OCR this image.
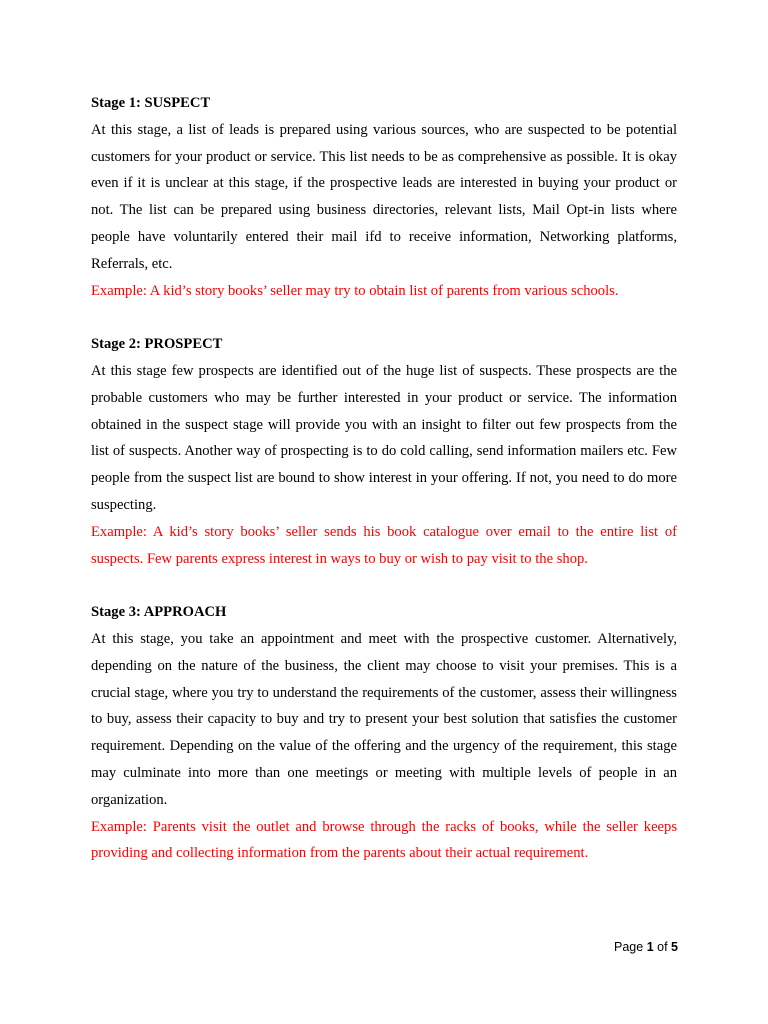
Stage 1: SUSPECT

At this stage, a list of leads is prepared using various sources, who are suspected to be potential customers for your product or service. This list needs to be as comprehensive as possible. It is okay even if it is unclear at this stage, if the prospective leads are interested in buying your product or not. The list can be prepared using business directories, relevant lists, Mail Opt-in lists where people have voluntarily entered their mail ifd to receive information, Networking platforms, Referrals, etc.

Example: A kid’s story books’ seller may try to obtain list of parents from various schools.

Stage 2: PROSPECT

At this stage few prospects are identified out of the huge list of suspects. These prospects are the probable customers who may be further interested in your product or service. The information obtained in the suspect stage will provide you with an insight to filter out few prospects from the list of suspects. Another way of prospecting is to do cold calling, send information mailers etc. Few people from the suspect list are bound to show interest in your offering. If not, you need to do more suspecting.

Example: A kid’s story books’ seller sends his book catalogue over email to the entire list of suspects. Few parents express interest in ways to buy or wish to pay visit to the shop.

Stage 3: APPROACH

At this stage, you take an appointment and meet with the prospective customer. Alternatively, depending on the nature of the business, the client may choose to visit your premises. This is a crucial stage, where you try to understand the requirements of the customer, assess their willingness to buy, assess their capacity to buy and try to present your best solution that satisfies the customer requirement. Depending on the value of the offering and the urgency of the requirement, this stage may culminate into more than one meetings or meeting with multiple levels of people in an organization.

Example: Parents visit the outlet and browse through the racks of books, while the seller keeps providing and collecting information from the parents about their actual requirement.

Page 1 of 5
